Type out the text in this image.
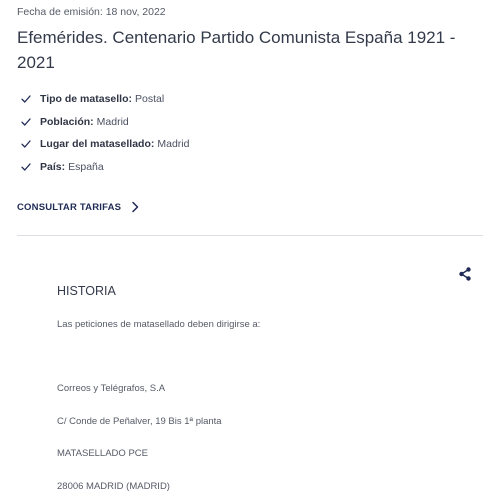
Fecha de emisión: 18 nov, 2022
Efemérides. Centenario Partido Comunista España 1921 - 2021
Tipo de matasello: Postal
Población: Madrid
Lugar del matasellado: Madrid
País: España
CONSULTAR TARIFAS
HISTORIA
Las peticiones de matasellado deben dirigirse a:
Correos y Telégrafos, S.A
C/ Conde de Peñalver, 19 Bis 1ª planta
MATASELLADO PCE
28006 MADRID (MADRID)
